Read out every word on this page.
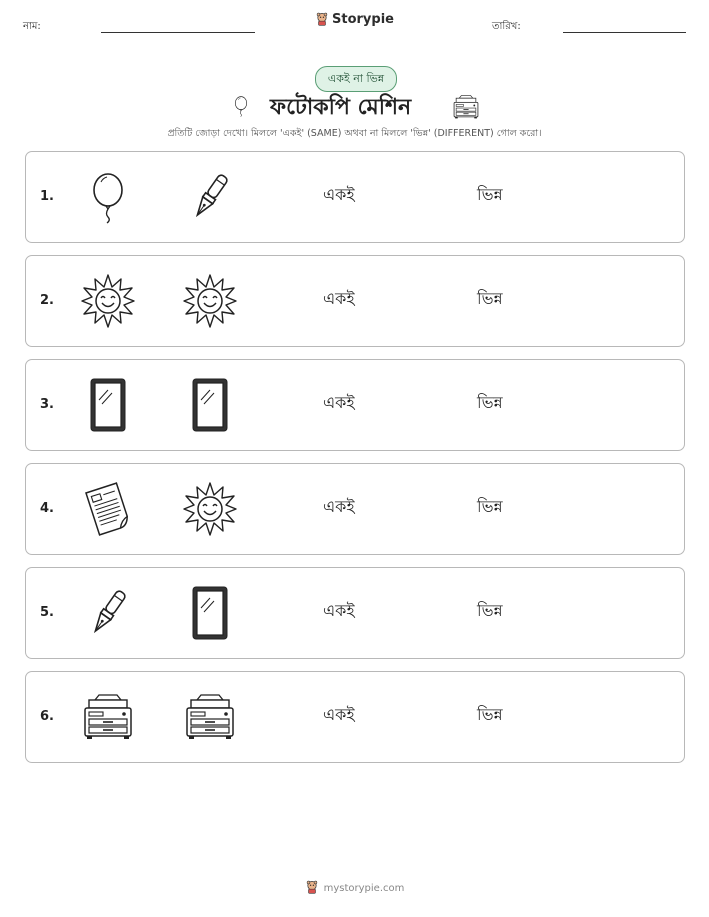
নাম:	Storypie	তারিখ:
একই না ভিন্ন
ফটোকপি মেশিন
প্রতিটি জোড়া দেখো। মিললে 'একই' (SAME) অথবা না মিললে 'ভিন্ন' (DIFFERENT) গোল করো।
1.	একই	ভিন্ন
2.	একই	ভিন্ন
3.	একই	ভিন্ন
4.	একই	ভিন্ন
5.	একই	ভিন্ন
6.	একই	ভিন্ন
mystorypie.com
